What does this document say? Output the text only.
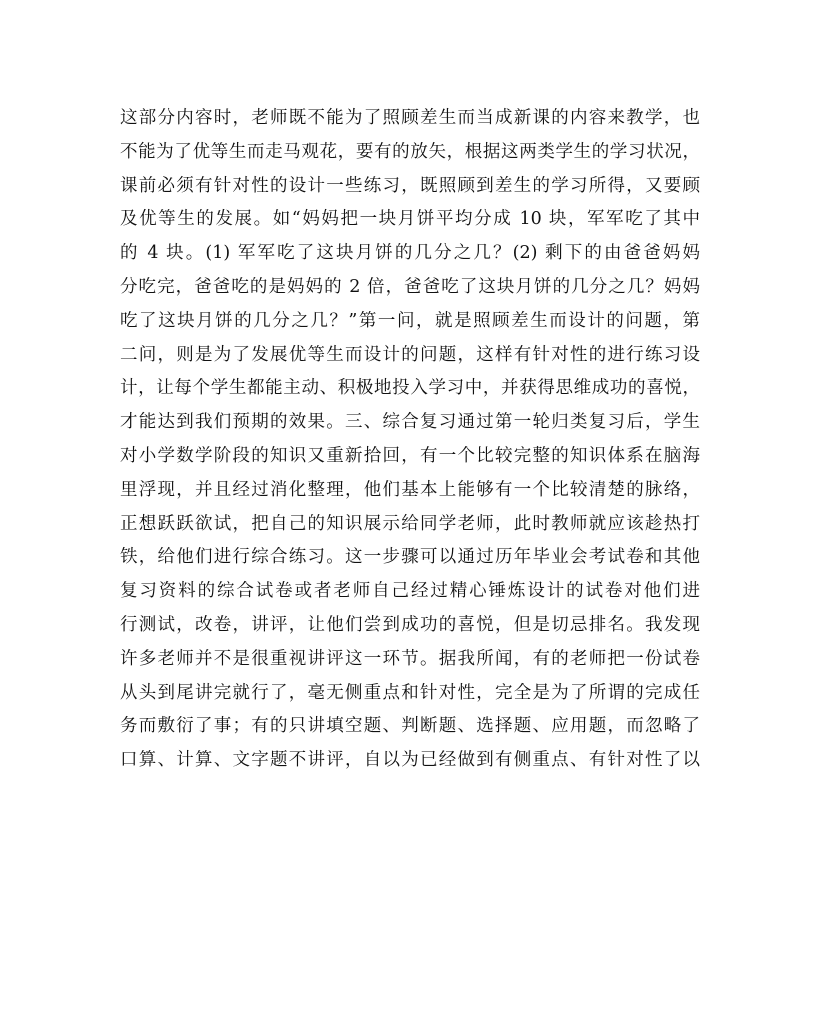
这部分内容时，老师既不能为了照顾差生而当成新课的内容来教学，也
不能为了优等生而走马观花，要有的放矢，根据这两类学生的学习状况，
课前必须有针对性的设计一些练习，既照顾到差生的学习所得，又要顾
及优等生的发展。如“妈妈把一块月饼平均分成 10 块，军军吃了其中
的 4 块。(1) 军军吃了这块月饼的几分之几？(2) 剩下的由爸爸妈妈
分吃完，爸爸吃的是妈妈的 2 倍，爸爸吃了这块月饼的几分之几？妈妈
吃了这块月饼的几分之几？”第一问，就是照顾差生而设计的问题，第
二问，则是为了发展优等生而设计的问题，这样有针对性的进行练习设
计，让每个学生都能主动、积极地投入学习中，并获得思维成功的喜悦，
才能达到我们预期的效果。三、综合复习通过第一轮归类复习后，学生
对小学数学阶段的知识又重新拾回，有一个比较完整的知识体系在脑海
里浮现，并且经过消化整理，他们基本上能够有一个比较清楚的脉络，
正想跃跃欲试，把自己的知识展示给同学老师，此时教师就应该趁热打
铁，给他们进行综合练习。这一步骤可以通过历年毕业会考试卷和其他
复习资料的综合试卷或者老师自己经过精心锤炼设计的试卷对他们进
行测试，改卷，讲评，让他们尝到成功的喜悦，但是切忌排名。我发现
许多老师并不是很重视讲评这一环节。据我所闻，有的老师把一份试卷
从头到尾讲完就行了，毫无侧重点和针对性，完全是为了所谓的完成任
务而敷衍了事；有的只讲填空题、判断题、选择题、应用题，而忽略了
口算、计算、文字题不讲评，自以为已经做到有侧重点、有针对性了以
